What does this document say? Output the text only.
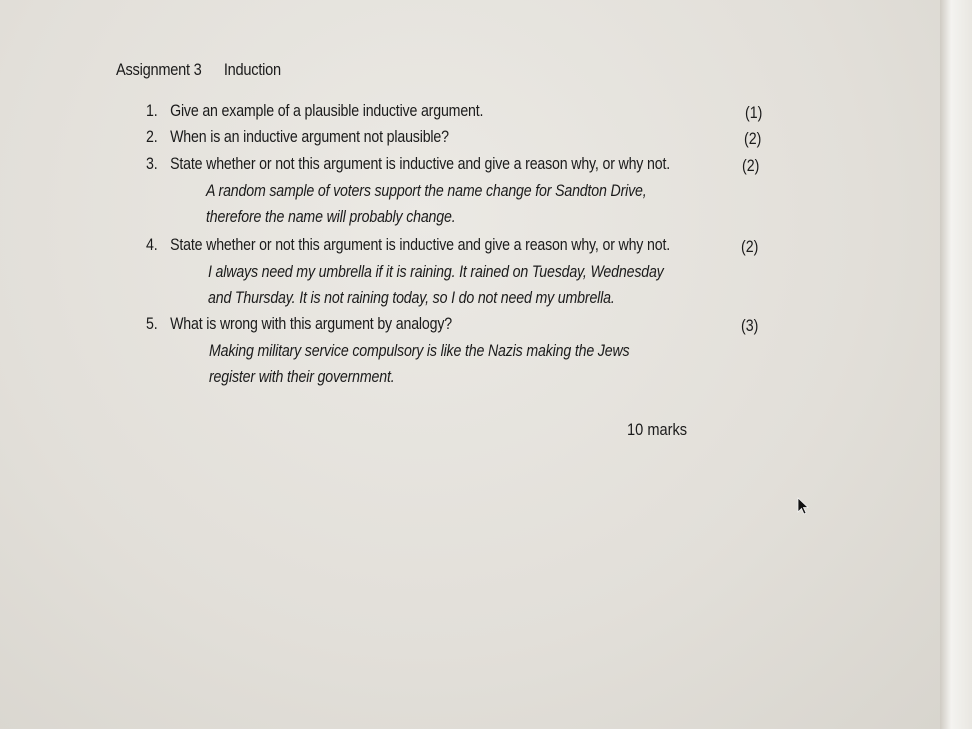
Assignment 3 Induction
1. Give an example of a plausible inductive argument.	(1)
2. When is an inductive argument not plausible?	(2)
3. State whether or not this argument is inductive and give a reason why, or why not.	(2)
A random sample of voters support the name change for Sandton Drive,
therefore the name will probably change.
4. State whether or not this argument is inductive and give a reason why, or why not.	(2)
I always need my umbrella if it is raining. It rained on Tuesday, Wednesday
and Thursday. It is not raining today, so I do not need my umbrella.
5. What is wrong with this argument by analogy?	(3)
Making military service compulsory is like the Nazis making the Jews
register with their government.
10 marks
